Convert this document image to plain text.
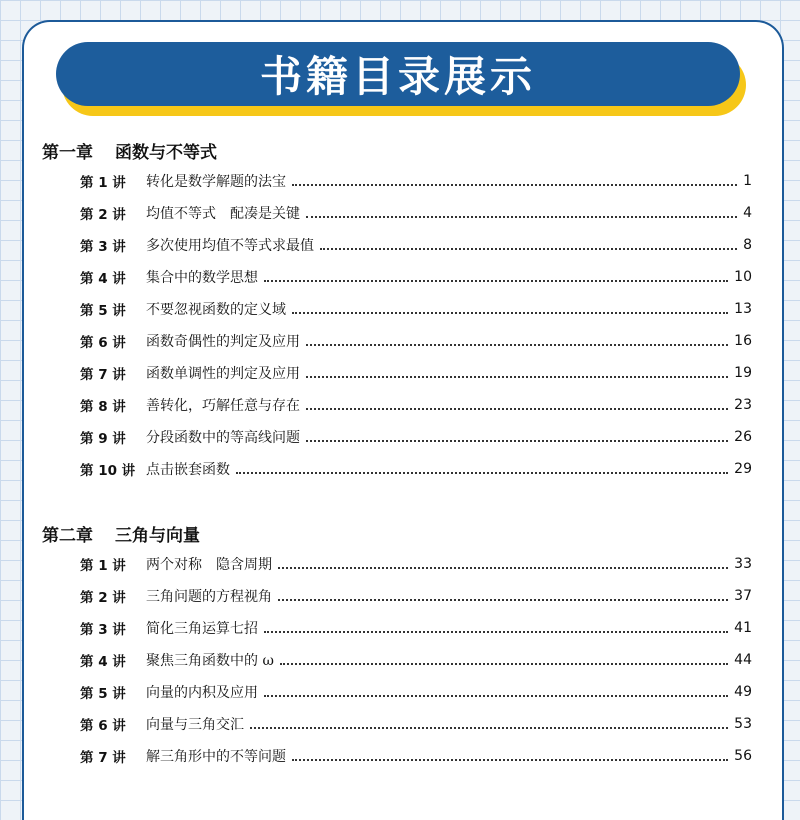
书籍目录展示
第一章 函数与不等式
第 1 讲	转化是数学解题的法宝	1
第 2 讲	均值不等式　配凑是关键	4
第 3 讲	多次使用均值不等式求最值	8
第 4 讲	集合中的数学思想	10
第 5 讲	不要忽视函数的定义域	13
第 6 讲	函数奇偶性的判定及应用	16
第 7 讲	函数单调性的判定及应用	19
第 8 讲	善转化，巧解任意与存在	23
第 9 讲	分段函数中的等高线问题	26
第 10 讲 点击嵌套函数	29
第二章 三角与向量
第 1 讲	两个对称　隐含周期	33
第 2 讲	三角问题的方程视角	37
第 3 讲	简化三角运算七招	41
第 4 讲	聚焦三角函数中的 ω	44
第 5 讲	向量的内积及应用	49
第 6 讲	向量与三角交汇	53
第 7 讲	解三角形中的不等问题	56
